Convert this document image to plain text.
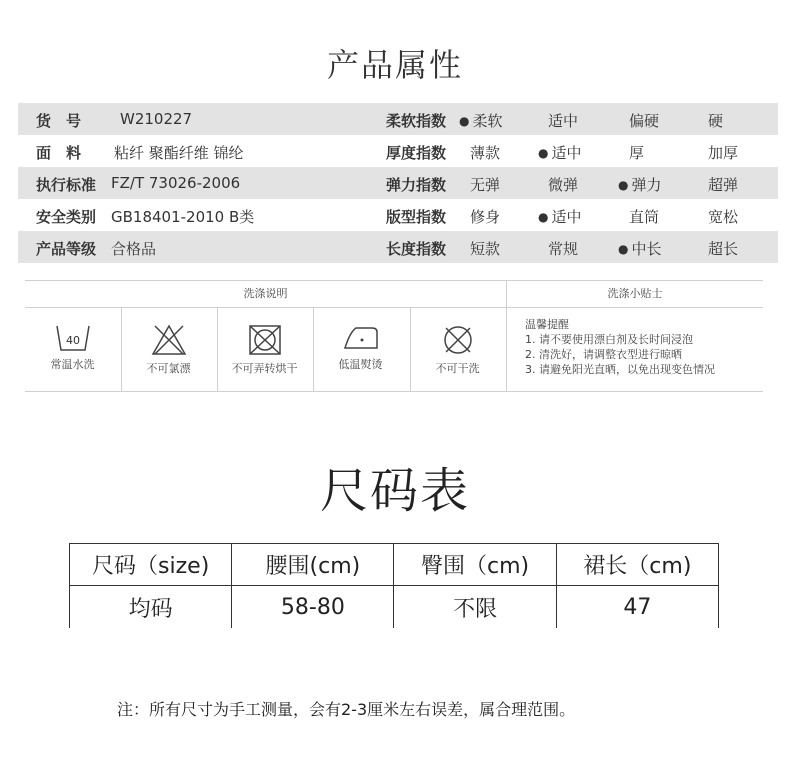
产品属性
货　号	W210227	柔软指数 ● 柔软	适中	偏硬	硬
面　料 粘纤 聚酯纤维 锦纶	厚度指数 薄款	● 适中	厚	加厚
执行标准 FZ/T 73026-2006	弹力指数 无弹	微弹	● 弹力	超弹
安全类别 GB18401-2010 B类	版型指数 修身	● 适中	直筒	宽松
产品等级 合格品	长度指数 短款	常规	● 中长	超长
洗涤说明	洗涤小贴士
40
常温水洗	不可氯漂	不可弄转烘干	低温熨烫	不可干洗
温馨提醒
1. 请不要使用漂白剂及长时间浸泡
2. 清洗好，请调整衣型进行晾晒
3. 请避免阳光直晒，以免出现变色情况
尺码表
尺码（size)	腰围(cm)	臀围（cm)	裙长（cm)
均码	58-80	不限	47
注：所有尺寸为手工测量，会有2-3厘米左右误差，属合理范围。
